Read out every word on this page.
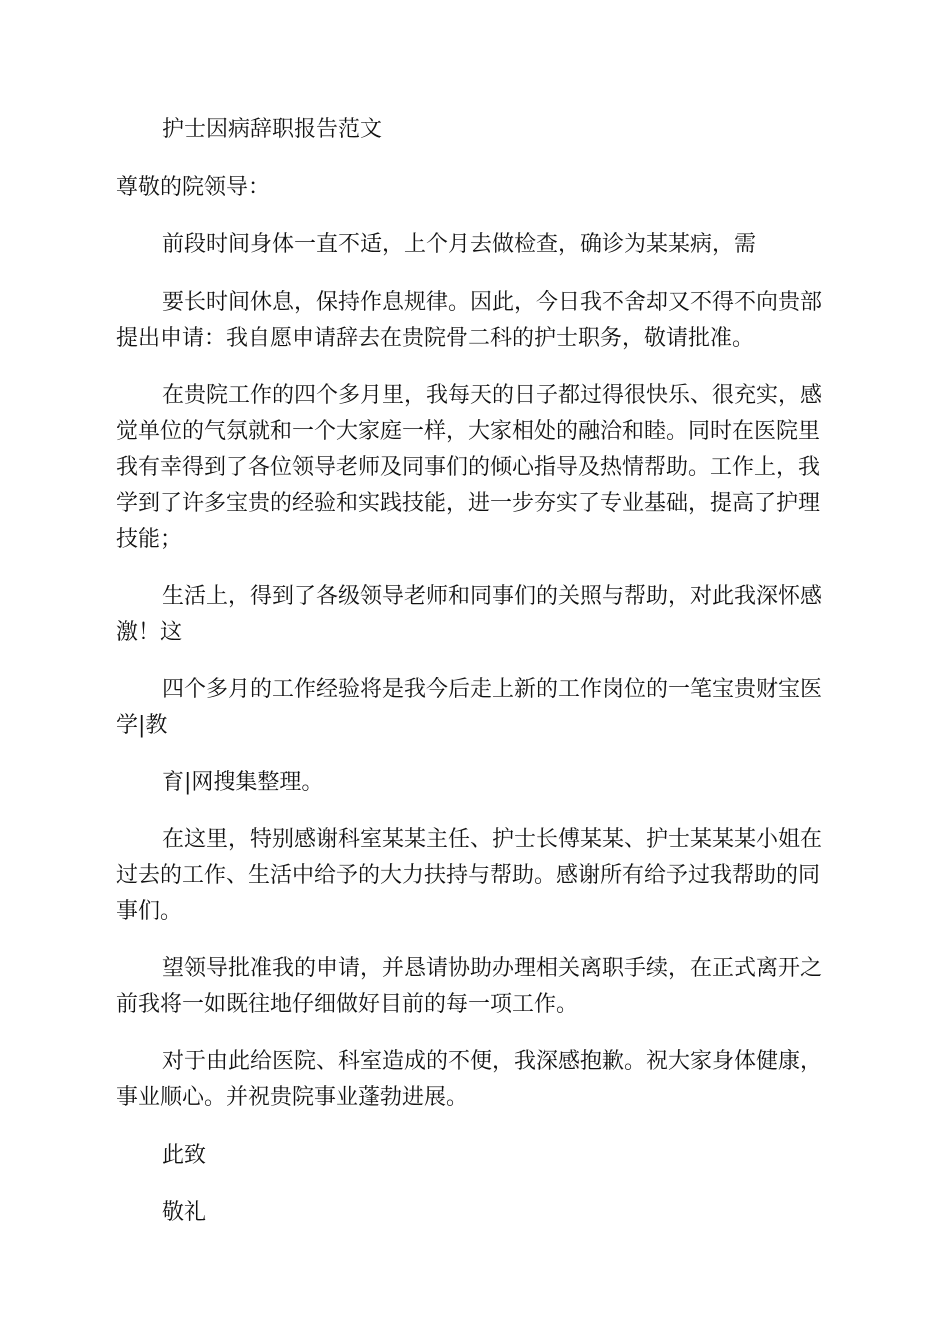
护士因病辞职报告范文
尊敬的院领导：
前段时间身体一直不适，上个月去做检查，确诊为某某病，需
要长时间休息，保持作息规律。因此，今日我不舍却又不得不向贵部
提出申请：我自愿申请辞去在贵院骨二科的护士职务，敬请批准。
在贵院工作的四个多月里，我每天的日子都过得很快乐、很充实，感
觉单位的气氛就和一个大家庭一样，大家相处的融洽和睦。同时在医院里
我有幸得到了各位领导老师及同事们的倾心指导及热情帮助。工作上，我
学到了许多宝贵的经验和实践技能，进一步夯实了专业基础，提高了护理
技能；
生活上，得到了各级领导老师和同事们的关照与帮助，对此我深怀感
激！这
四个多月的工作经验将是我今后走上新的工作岗位的一笔宝贵财宝医
学|教
育|网搜集整理。
在这里，特别感谢科室某某主任、护士长傅某某、护士某某某小姐在
过去的工作、生活中给予的大力扶持与帮助。感谢所有给予过我帮助的同
事们。
望领导批准我的申请，并恳请协助办理相关离职手续，在正式离开之
前我将一如既往地仔细做好目前的每一项工作。
对于由此给医院、科室造成的不便，我深感抱歉。祝大家身体健康，
事业顺心。并祝贵院事业蓬勃进展。
此致
敬礼
